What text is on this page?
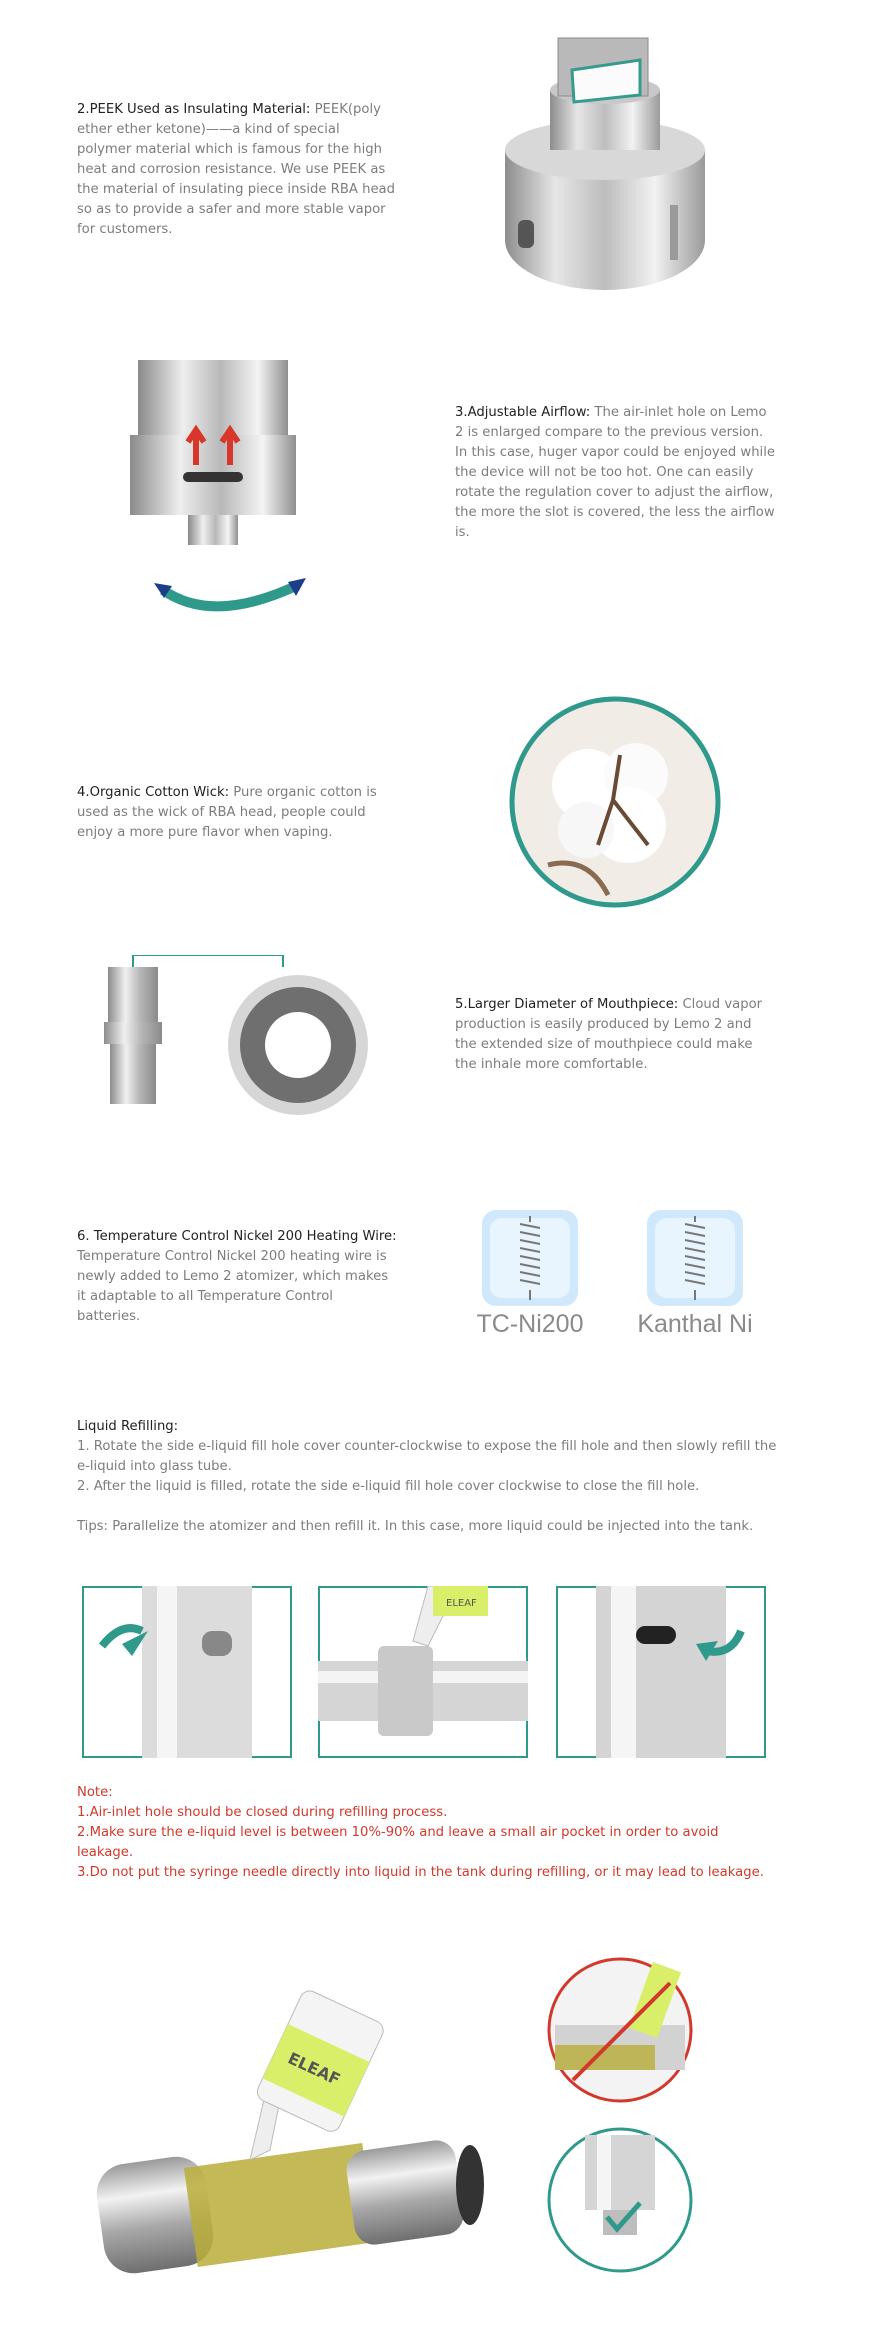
2.PEEK Used as Insulating Material: PEEK(poly ether ether ketone)——a kind of special polymer material which is famous for the high heat and corrosion resistance. We use PEEK as the material of insulating piece inside RBA head so as to provide a safer and more stable vapor for customers.
3.Adjustable Airflow: The air-inlet hole on Lemo 2 is enlarged compare to the previous version. In this case, huger vapor could be enjoyed while the device will not be too hot. One can easily rotate the regulation cover to adjust the airflow, the more the slot is covered, the less the airflow is.
4.Organic Cotton Wick: Pure organic cotton is used as the wick of RBA head, people could enjoy a more pure flavor when vaping.
5.Larger Diameter of Mouthpiece: Cloud vapor production is easily produced by Lemo 2 and the extended size of mouthpiece could make the inhale more comfortable.
6. Temperature Control Nickel 200 Heating Wire: Temperature Control Nickel 200 heating wire is newly added to Lemo 2 atomizer, which makes it adaptable to all Temperature Control batteries.	TC-Ni200	Kanthal Ni
Liquid Refilling:
1. Rotate the side e-liquid fill hole cover counter-clockwise to expose the fill hole and then slowly refill the e-liquid into glass tube.
2. After the liquid is filled, rotate the side e-liquid fill hole cover clockwise to close the fill hole.
Tips: Parallelize the atomizer and then refill it. In this case, more liquid could be injected into the tank.
ELEAF
Note:
1.Air-inlet hole should be closed during refilling process.
2.Make sure the e-liquid level is between 10%-90% and leave a small air pocket in order to avoid leakage.
3.Do not put the syringe needle directly into liquid in the tank during refilling, or it may lead to leakage.
ELEAF
